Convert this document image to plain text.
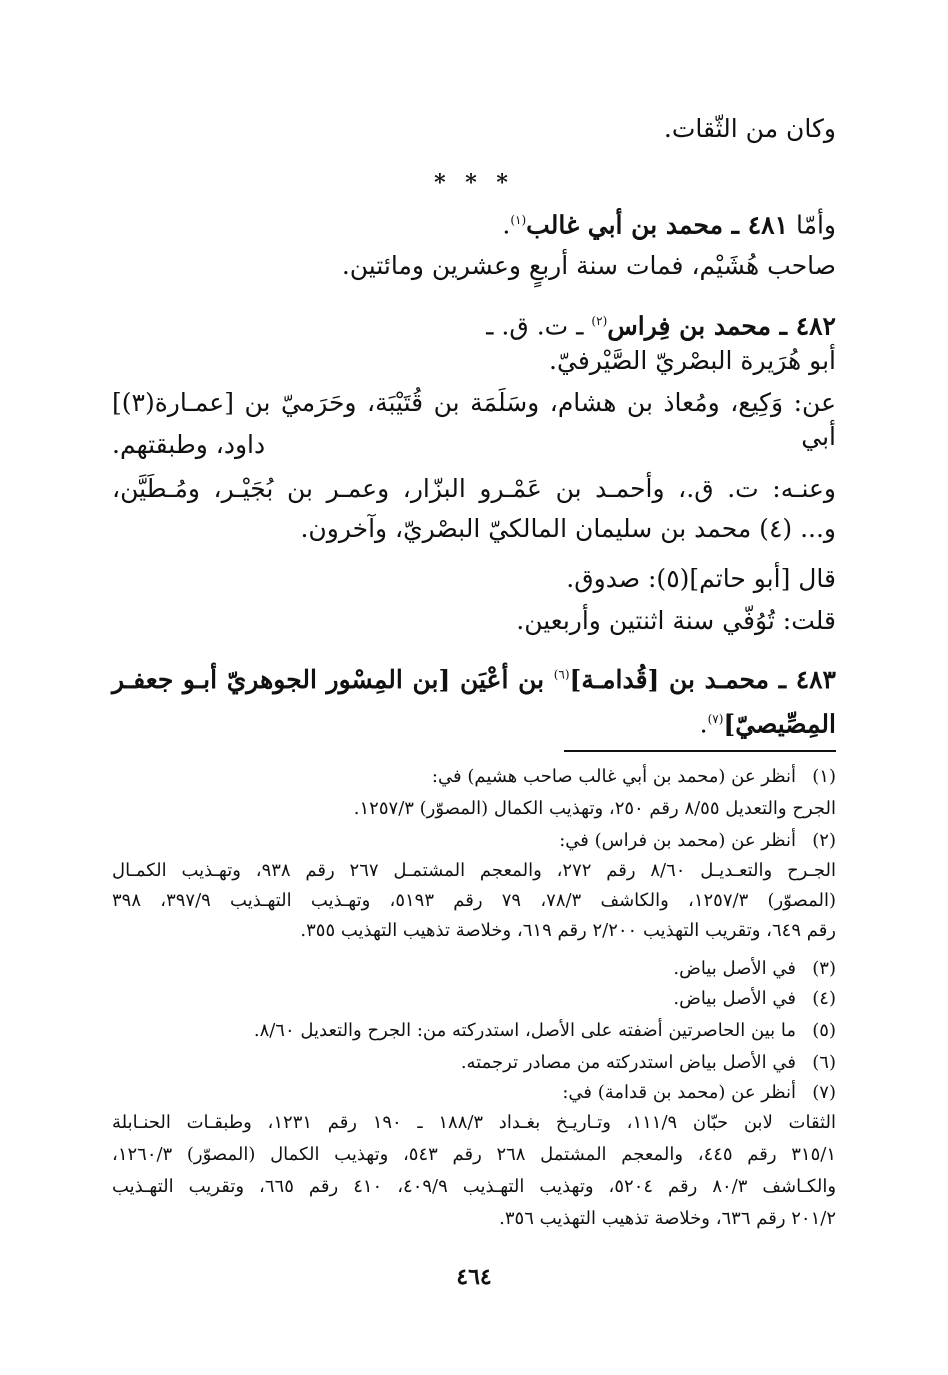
وكان من الثّقات.
* * *
وأمّا ٤٨١ ـ محمد بن أبي غالب$^{(١)}$.
صاحب هُشَيْم، فمات سنة أربعٍ وعشرين ومائتين.
٤٨٢ ـ محمد بن فِراس$^{(٢)}$ ـ ت. ق. ـ
أبو هُرَيرة البصْريّ الصَّيْرفيّ.
عن: وَكِيع، ومُعاذ بن هشام، وسَلَمَة بن قُتَيْبَة، وحَرَميّ بن [عمـارة(٣)] أبي
داود، وطبقتهم.
وعنـه: ت. ق.، وأحمـد بن عَمْـرو البزّار، وعمـر بن بُجَيْـر، ومُـطَيَّن،
و... (٤) محمد بن سليمان المالكيّ البصْريّ، وآخرون.
قال [أبو حاتم](٥): صدوق.
قلت: تُوُفّي سنة اثنتين وأربعين.
٤٨٣ ـ محمـد بن [قُدامـة]$^{(٦)}$ بن أعْيَن [بن المِسْور الجوهريّ أبـو جعفـر
المِصِّيصيّ]$^{(٧)}$.
(١)
أنظر عن (محمد بن أبي غالب صاحب هشيم) في:
الجرح والتعديل ٨/٥٥ رقم ٢٥٠، وتهذيب الكمال (المصوّر) ١٢٥٧/٣.
(٢)
أنظر عن (محمد بن فراس) في:
الجـرح والتعـديـل ٨/٦٠ رقم ٢٧٢، والمعجم المشتمـل ٢٦٧ رقم ٩٣٨، وتهـذيب الكمـال
(المصوّر) ١٢٥٧/٣، والكاشف ٧٨/٣، ٧٩ رقم ٥١٩٣، وتهـذيب التهـذيب ٣٩٧/٩، ٣٩٨
رقم ٦٤٩، وتقريب التهذيب ٢/٢٠٠ رقم ٦١٩، وخلاصة تذهيب التهذيب ٣٥٥.
(٣)
في الأصل بياض.
(٤)
في الأصل بياض.
(٥)
ما بين الحاصرتين أضفته على الأصل، استدركته من: الجرح والتعديل ٨/٦٠.
(٦)
في الأصل بياض استدركته من مصادر ترجمته.
(٧)
أنظر عن (محمد بن قدامة) في:
الثقات لابن حبّان ١١١/٩، وتـاريـخ بغـداد ١٨٨/٣ ـ ١٩٠ رقم ١٢٣١، وطبقـات الحنـابلة
٣١٥/١ رقم ٤٤٥، والمعجم المشتمل ٢٦٨ رقم ٥٤٣، وتهذيب الكمال (المصوّر) ١٢٦٠/٣،
والكـاشف ٨٠/٣ رقم ٥٢٠٤، وتهذيب التهـذيب ٤٠٩/٩، ٤١٠ رقم ٦٦٥، وتقريب التهـذيب
٢٠١/٢ رقم ٦٣٦، وخلاصة تذهيب التهذيب ٣٥٦.
٤٦٤
